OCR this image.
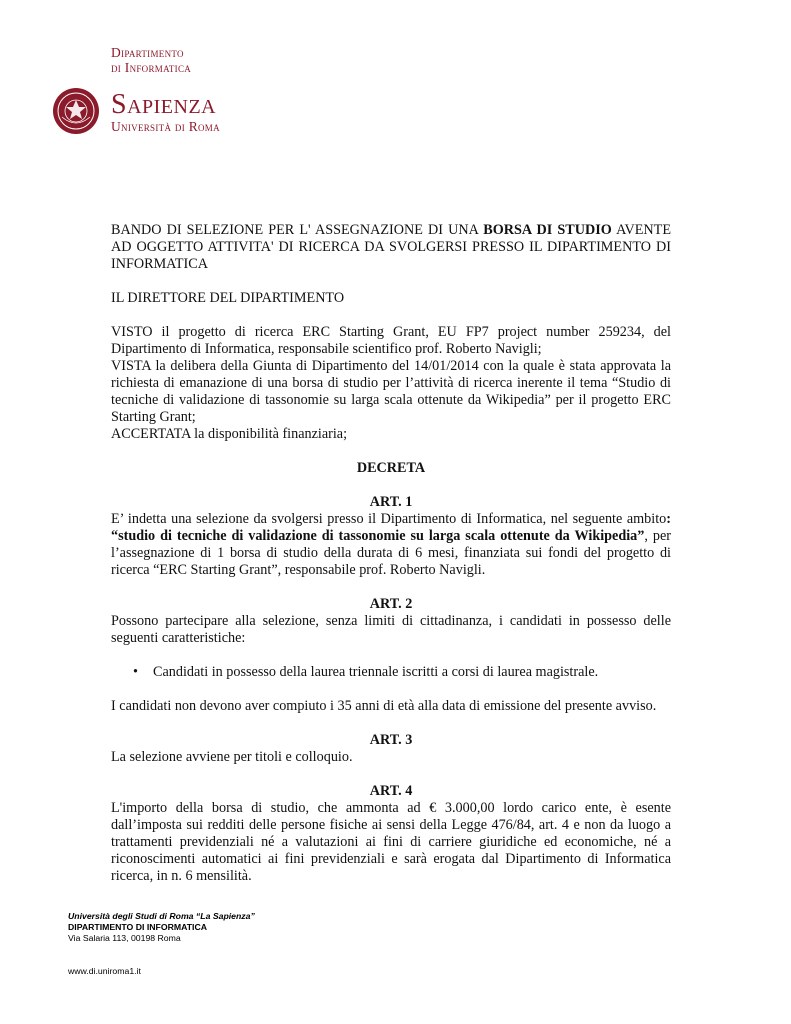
Dipartimento
di Informatica
Sapienza
Università di Roma

BANDO DI SELEZIONE PER L' ASSEGNAZIONE DI UNA BORSA DI STUDIO AVENTE AD OGGETTO ATTIVITA' DI RICERCA DA SVOLGERSI PRESSO IL DIPARTIMENTO DI INFORMATICA

IL DIRETTORE DEL DIPARTIMENTO

VISTO il progetto di ricerca ERC Starting Grant, EU FP7 project number 259234, del Dipartimento di Informatica, responsabile scientifico prof. Roberto Navigli;

VISTA la delibera della Giunta di Dipartimento del 14/01/2014 con la quale è stata approvata la richiesta di emanazione di una borsa di studio per l’attività di ricerca inerente il tema “Studio di tecniche di validazione di tassonomie su larga scala ottenute da Wikipedia” per il progetto ERC Starting Grant;

ACCERTATA la disponibilità finanziaria;

DECRETA

ART. 1

E’ indetta una selezione da svolgersi presso il Dipartimento di Informatica, nel seguente ambito: “studio di tecniche di validazione di tassonomie su larga scala ottenute da Wikipedia”, per l’assegnazione di 1 borsa di studio della durata di 6 mesi, finanziata sui fondi del progetto di ricerca “ERC Starting Grant”, responsabile prof. Roberto Navigli.

ART. 2

Possono partecipare alla selezione, senza limiti di cittadinanza, i candidati in possesso delle seguenti caratteristiche:

• Candidati in possesso della laurea triennale iscritti a corsi di laurea magistrale.

I candidati non devono aver compiuto i 35 anni di età alla data di emissione del presente avviso.

ART. 3

La selezione avviene per titoli e colloquio.

ART. 4

L'importo della borsa di studio, che ammonta ad € 3.000,00 lordo carico ente, è esente dall’imposta sui redditi delle persone fisiche ai sensi della Legge 476/84, art. 4 e non da luogo a trattamenti previdenziali né a valutazioni ai fini di carriere giuridiche ed economiche, né a riconoscimenti automatici ai fini previdenziali e sarà erogata dal Dipartimento di Informatica ricerca, in n. 6 mensilità.

Università degli Studi di Roma “La Sapienza”
DIPARTIMENTO DI INFORMATICA
Via Salaria 113, 00198 Roma
www.di.uniroma1.it
